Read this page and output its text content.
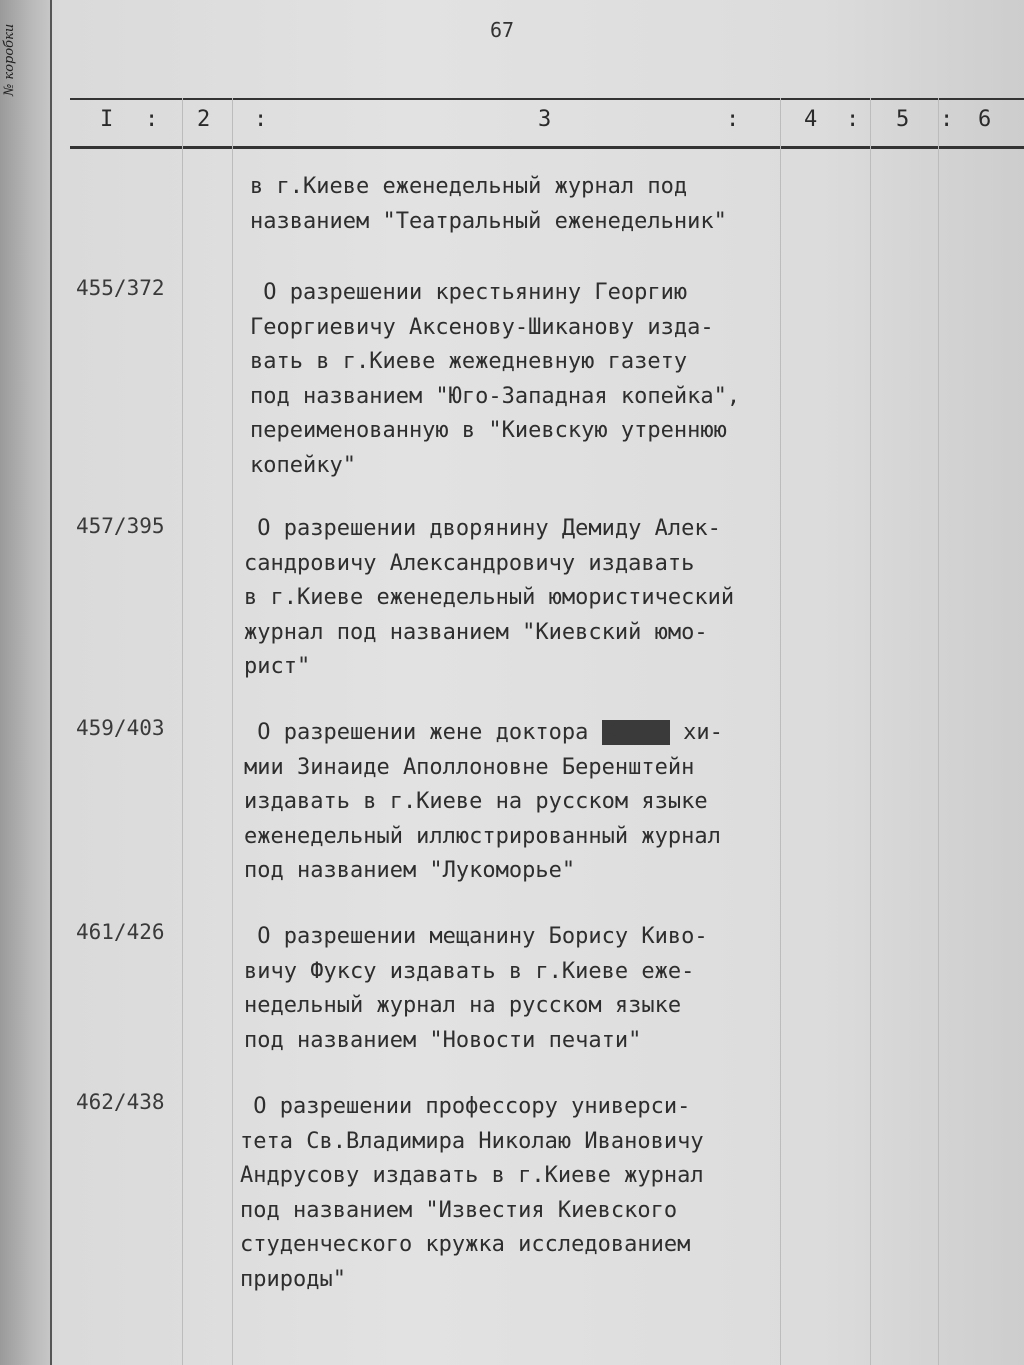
№ коробки	67
I : 2 :	3	:	4 : 5 : 6
в г.Киеве еженедельный журнал под
названием "Театральный еженедельник"
455/372	О разрешении крестьянину Георгию
Георгиевичу Аксенову-Шиканову изда-
вать в г.Киеве жежедневную газету
под названием "Юго-Западная копейка",
переименованную в "Киевскую утреннюю
копейку"
457/395	О разрешении дворянину Демиду Алек-
сандровичу Александровичу издавать
в г.Киеве еженедельный юмористический
журнал под названием "Киевский юмо-
рист"
459/403	О разрешении жене доктора Химии хи-
мии Зинаиде Аполлоновне Беренштейн
издавать в г.Киеве на русском языке
еженедельный иллюстрированный журнал
под названием "Лукоморье"
461/426	О разрешении мещанину Борису Киво-
вичу Фуксу издавать в г.Киеве еже-
недельный журнал на русском языке
под названием "Новости печати"
462/438	О разрешении профессору универси-
тета Св.Владимира Николаю Ивановичу
Андрусову издавать в г.Киеве журнал
под названием "Известия Киевского
студенческого кружка исследованием
природы"
